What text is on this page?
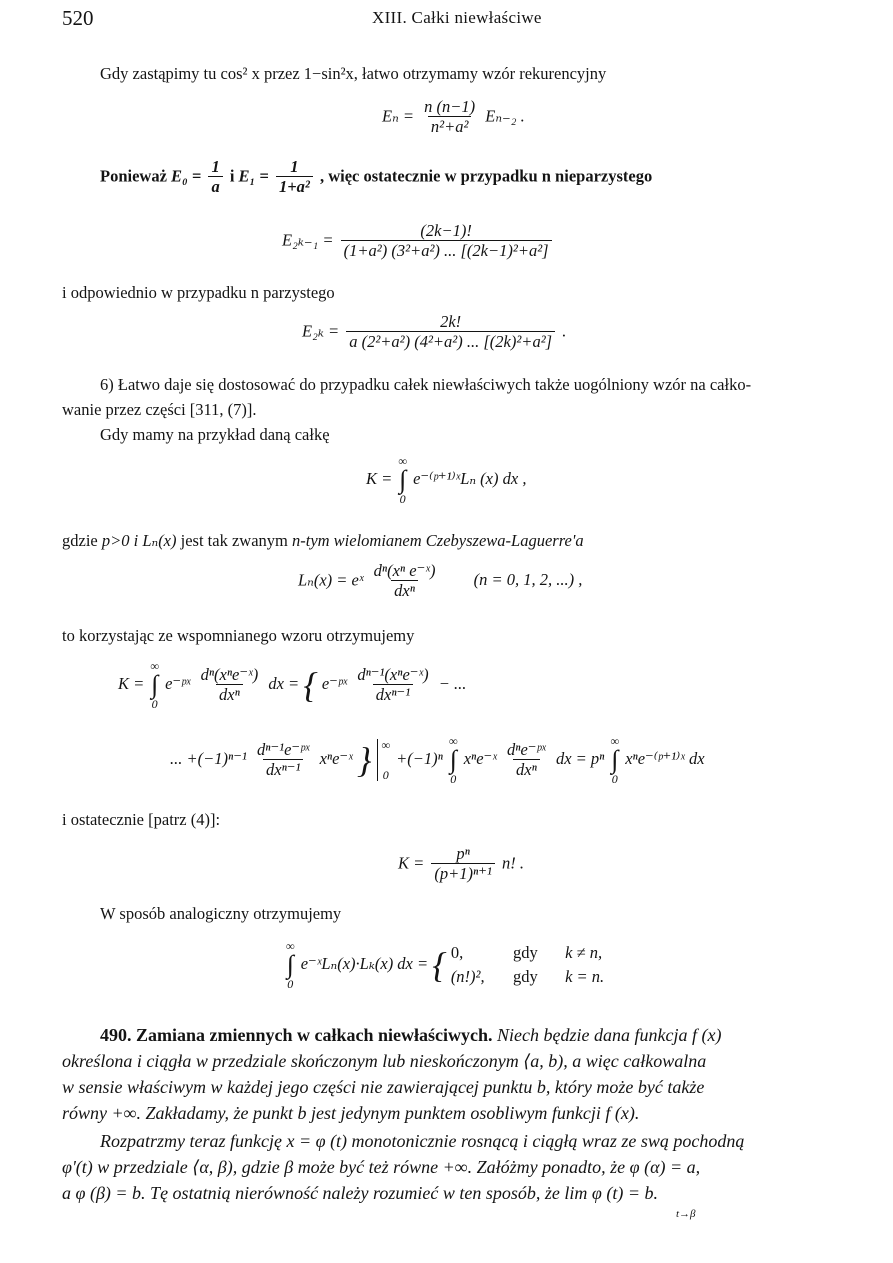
520	XIII. Całki niewłaściwe
Gdy zastąpimy tu cos² x przez 1−sin²x, łatwo otrzymamy wzór rekurencyjny
$E_n = \frac{n (n-1)}{\text{n²+a²}} E_{n-2}$ .
Ponieważ $E_0 = \frac{1}{a}$ i $E_1 = \frac{1}{\text{1+a²}}$ , więc ostatecznie w przypadku n nieparzystego
$E_{2k-1} = \frac{(2k-1)!}{\text{(1+a²) (3²+a²) ... [(2k−1)²+a²]}}$
i odpowiednio w przypadku n parzystego
$E_{2k} = \frac{2k!}{\text{a (2²+a²) (4²+a²) ... [(2k)²+a²]}}$ .
6) Łatwo daje się dostosować do przypadku całek niewłaściwych także uogólniony wzór na całko-
wanie przez części [311, (7)].
Gdy mamy na przykład daną całkę
K =
∞
∫
0
e⁻⁽ᵖ⁺¹⁾ˣLₙ (x) dx ,
gdzie p>0 i Lₙ(x) jest tak zwanym n-tym wielomianem Czebyszewa-Laguerre'a
Lₙ(x) = eˣ $\frac{\text{dⁿ(xⁿ e⁻ˣ)}}{\text{dxⁿ}} (n = 0$, 1, 2, ...) ,
to korzystając ze wspomnianego wzoru otrzymujemy
K =
∞
∫
0
e⁻ᵖˣ $\frac{\text{dⁿ(xⁿe⁻ˣ)}}{\text{dxⁿ}}$ dx = { e⁻ᵖˣ $\frac{\text{dⁿ⁻¹(xⁿe⁻ˣ)}}{\text{dxⁿ⁻¹}}$ − ...
... $+(-1)^{n-1} \frac{\text{dⁿ⁻¹e⁻ᵖˣ}}{\text{dxⁿ⁻¹}}$ xⁿe⁻ˣ } ∞

0
+(−1)ⁿ
∞
∫
0
xⁿe⁻ˣ $\frac{\text{dⁿe⁻ᵖˣ}}{\text{dxⁿ}}$ dx = pⁿ
∞
∫
0
xⁿe⁻⁽ᵖ⁺¹⁾ˣ dx
i ostatecznie [patrz (4)]:
$K = \frac{\text{pⁿ}}{\text{(p+1)ⁿ⁺¹}} n$! .
W sposób analogiczny otrzymujemy
∞
∫
0
e⁻ˣLₙ(x)·Lₖ(x) dx = { 0,	gdy k ≠ n,
(n!)², gdy k = n.
490. Zamiana zmiennych w całkach niewłaściwych. Niech będzie dana funkcja f (x)
określona i ciągła w przedziale skończonym lub nieskończonym ⟨a, b), a więc całkowalna
w sensie właściwym w każdej jego części nie zawierającej punktu b, który może być także
równy +∞. Zakładamy, że punkt b jest jedynym punktem osobliwym funkcji f (x).
Rozpatrzmy teraz funkcję x = φ (t) monotonicznie rosnącą i ciągłą wraz ze swą pochodną
φ'(t) w przedziale ⟨α, β), gdzie β może być też równe +∞. Załóżmy ponadto, że φ (α) = a,
a φ (β) = b. Tę ostatnią nierówność należy rozumieć w ten sposób, że lim φ (t) = b.
t→β
